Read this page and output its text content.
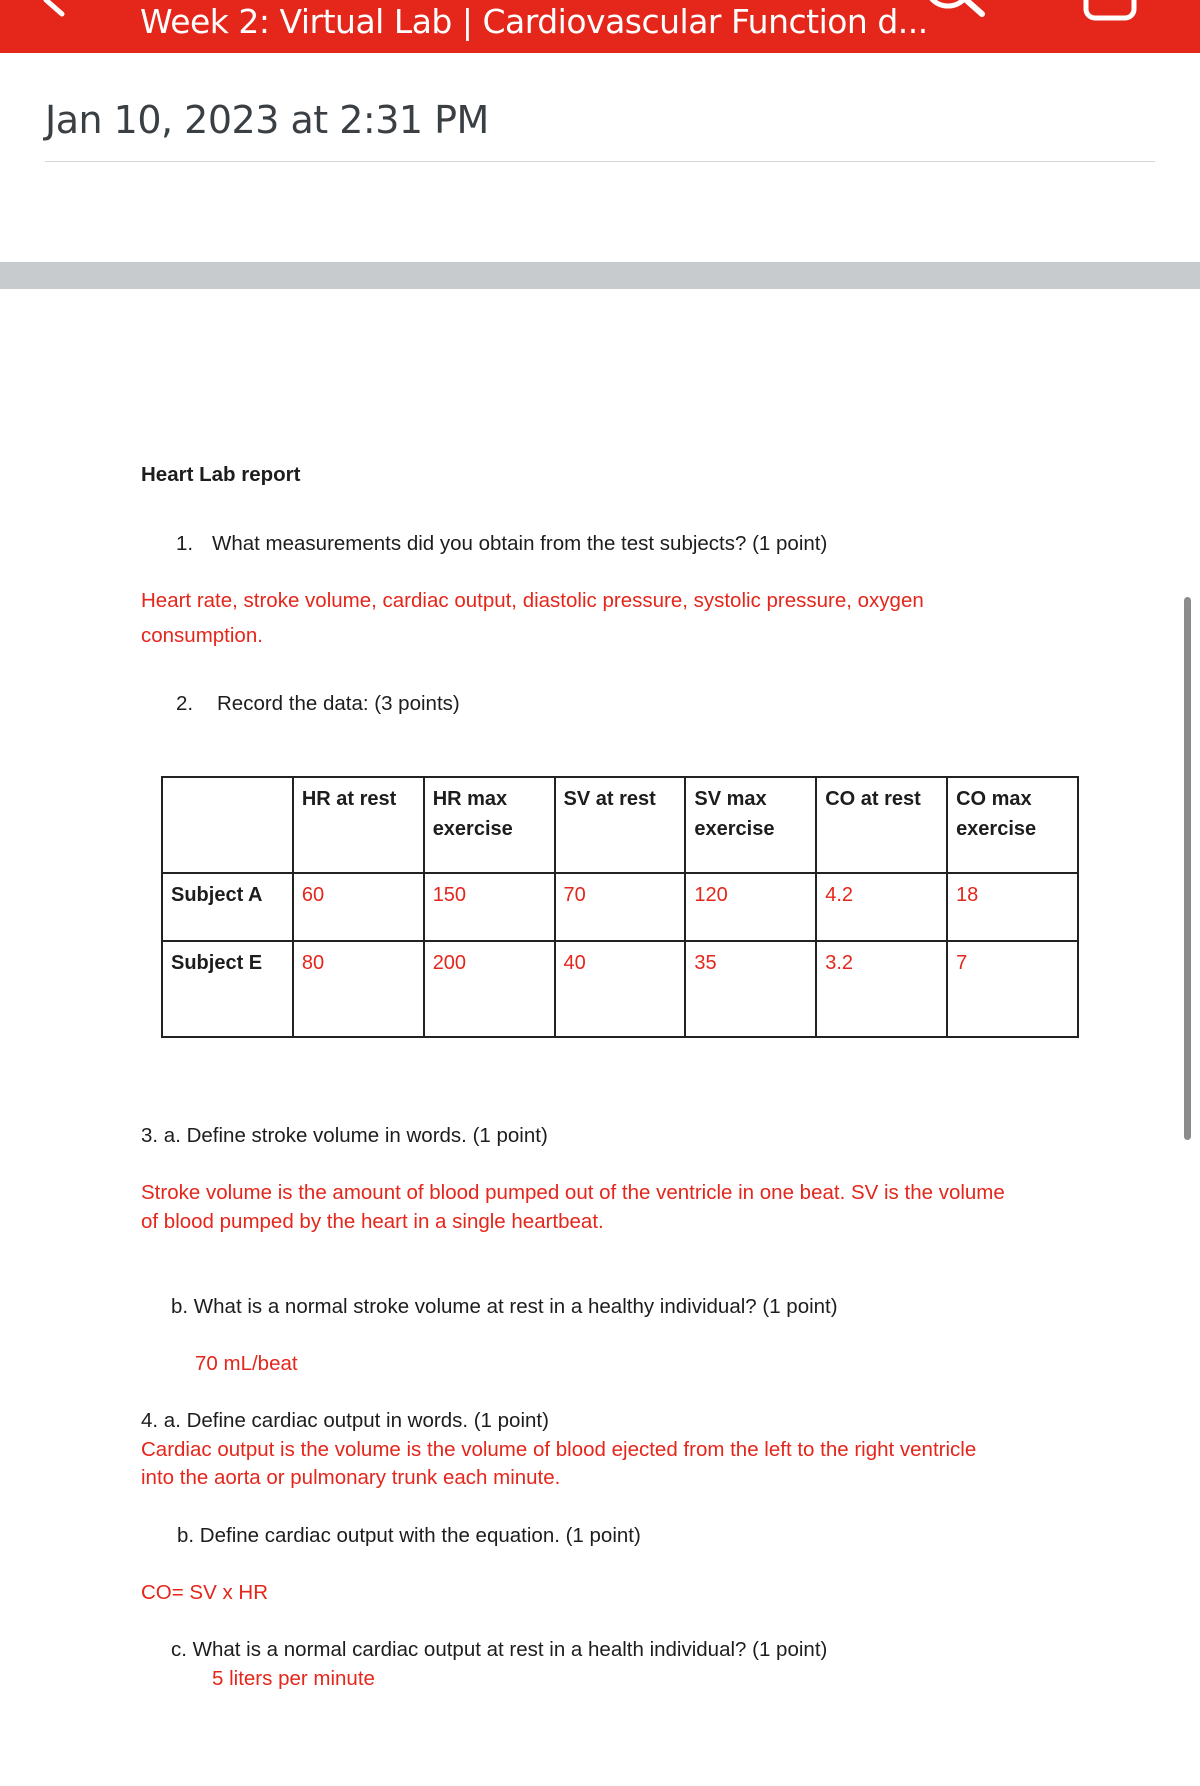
Week 2: Virtual Lab | Cardiovascular Function d...
Jan 10, 2023 at 2:31 PM
Heart Lab report
1. What measurements did you obtain from the test subjects? (1 point)
Heart rate, stroke volume, cardiac output, diastolic pressure, systolic pressure, oxygen
consumption.
2. Record the data: (3 points)
	HR at rest	HR max exercise	SV at rest	SV max exercise	CO at rest	CO max exercise
Subject A	60	150	70	120	4.2	18
Subject E	80	200	40	35	3.2	7
3. a. Define stroke volume in words. (1 point)
Stroke volume is the amount of blood pumped out of the ventricle in one beat. SV is the volume
of blood pumped by the heart in a single heartbeat.
b. What is a normal stroke volume at rest in a healthy individual? (1 point)
70 mL/beat
4. a. Define cardiac output in words. (1 point)
Cardiac output is the volume is the volume of blood ejected from the left to the right ventricle
into the aorta or pulmonary trunk each minute.
b. Define cardiac output with the equation. (1 point)
CO= SV x HR
c. What is a normal cardiac output at rest in a health individual? (1 point)
5 liters per minute
